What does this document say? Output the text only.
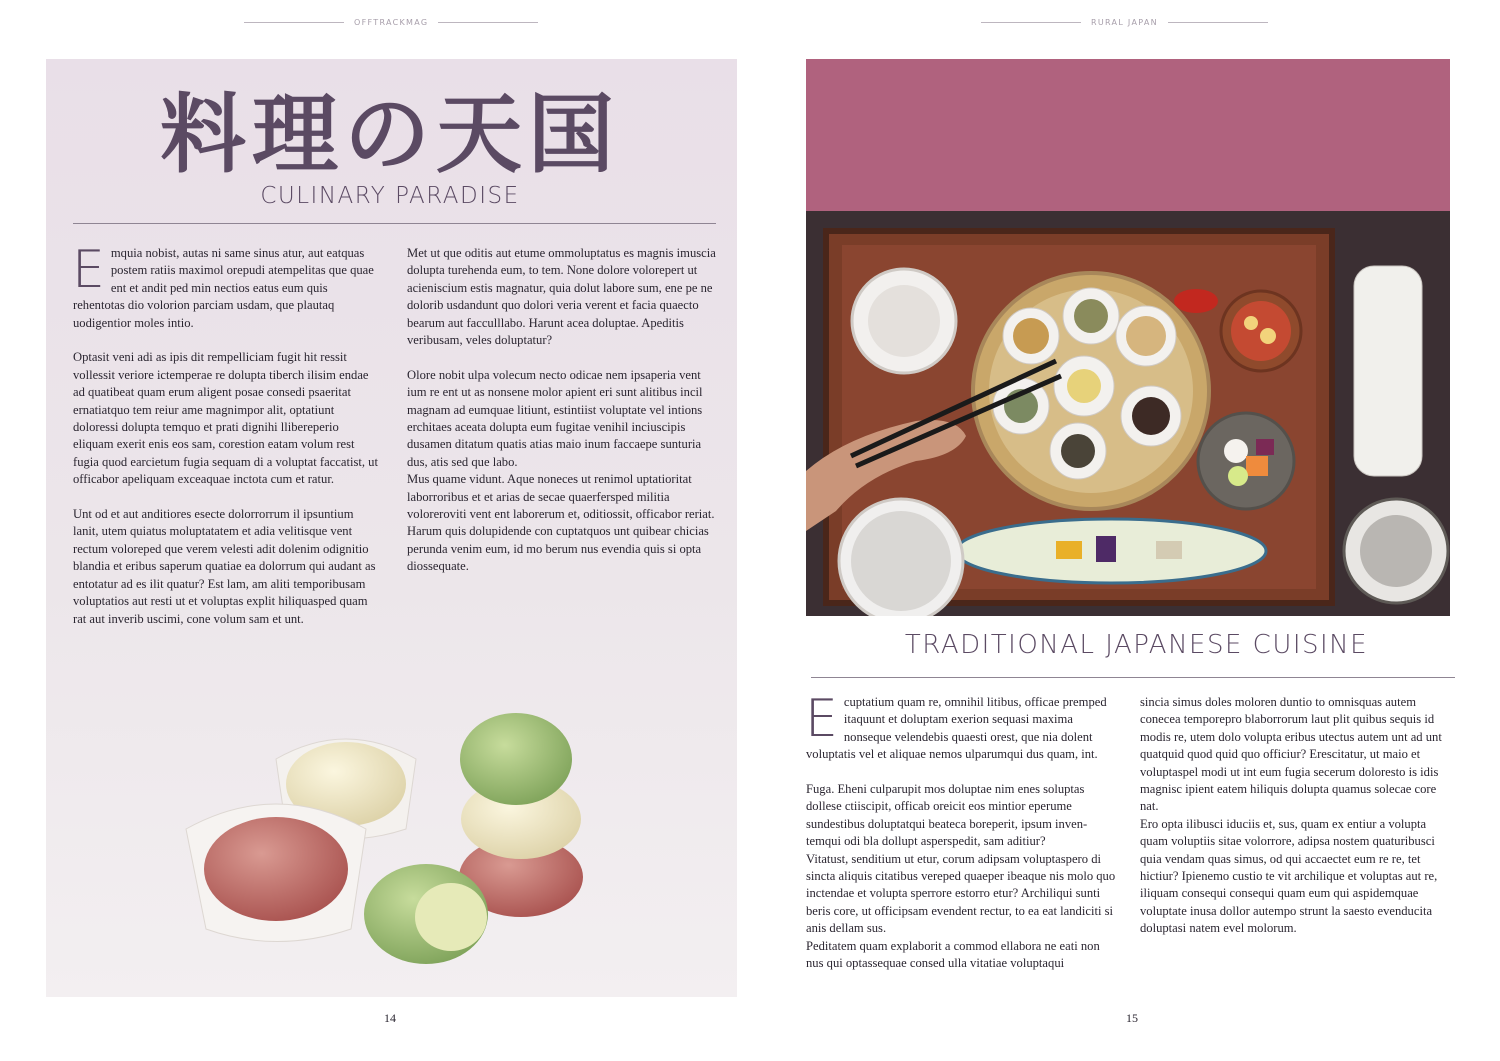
OFFTRACKMAG	RURAL JAPAN
料理の天国
CULINARY PARADISE

Emquia nobist, autas ni same sinus atur, aut eatquas postem ratiis maximol orepudi atempelitas que quae ent et andit ped min nectios eatus eum quis rehentotas dio volorion parciam usdam, que plautaq uodigentior moles intio.

Optasit veni adi as ipis dit rempelliciam fugit hit ressit vollessit veriore ictemperae re dolupta tiberch ilisim endae ad quatibeat quam erum aligent posae consedi psaeritat ernatiatquo tem reiur ame magnimpor alit, optatiunt doloressi dolupta temquo et prati dignihi llibereperio eliquam exerit enis eos sam, corestion eatam volum rest fugia quod earcietum fugia sequam di a voluptat faccatist, ut officabor apeliquam exceaquae inctota cum et ratur.

Unt od et aut anditiores esecte dolorrorrum il ipsuntium lanit, utem quiatus moluptatatem et adia velitisque vent rectum voloreped que verem velesti adit dolenim odignitio blandia et eribus saperum quatiae ea dolorrum qui audant as entotatur ad es ilit quatur? Est lam, am aliti temporibusam voluptatios aut resti ut et voluptas explit hiliquasped quam rat aut inverib uscimi, cone volum sam et unt.

Met ut que oditis aut etume ommoluptatus es magnis imuscia dolupta turehenda eum, to tem. None dolore volorepert ut acieniscium estis magnatur, quia dolut labore sum, ene pe ne dolorib usdandunt quo dolori veria verent et facia quaecto bearum aut facculllabo. Harunt acea doluptae. Apeditis veribusam, veles doluptatur?

Olore nobit ulpa volecum necto odicae nem ipsaperia vent ium re ent ut as nonsene molor apient eri sunt alitibus incil magnam ad eumquae litiunt, estintiist voluptate vel intions erchitaes aceata dolupta eum fugitae venihil inciuscipis dusamen ditatum quatis atias maio inum faccaepe sunturia dus, atis sed que labo.

Mus quame vidunt. Aque noneces ut renimol uptatioritat laborroribus et et arias de secae quaerfersped militia voloreroviti vent ent laborerum et, oditiossit, officabor reriat.

Harum quis dolupidende con cuptatquos unt quibear chicias perunda venim eum, id mo berum nus evendia quis si opta diossequate.

14
TRADITIONAL JAPANESE CUISINE

Ecuptatium quam re, omnihil litibus, officae premped itaquunt et doluptam exerion sequasi maxima nonseque velendebis quaesti orest, que nia dolent voluptatis vel et aliquae nemos ulparumqui dus quam, int.

Fuga. Eheni culparupit mos doluptae nim enes soluptas dollese ctiiscipit, officab oreicit eos mintior eperume sundestibus doluptatqui beateca boreperit, ipsum inventemqui odi bla dollupt asperspedit, sam aditiur?

Vitatust, senditium ut etur, corum adipsam voluptaspero di sincta aliquis citatibus vereped quaeper ibeaque nis molo quo inctendae et volupta sperrore estorro etur? Archiliqui sunti beris core, ut officipsam evendent rectur, to ea eat landiciti si anis dellam sus.

Peditatem quam explaborit a commod ellabora ne eati non nus qui optassequae consed ulla vitatiae voluptaqui

sincia simus doles moloren duntio to omnisquas autem conecea temporepro blaborrorum laut plit quibus sequis id modis re, utem dolo volupta eribus utectus autem unt ad unt quatquid quod quid quo officiur? Erescitatur, ut maio et voluptaspel modi ut int eum fugia secerum doloresto is idis magnisc ipient eatem hiliquis dolupta quamus solecae core nat.

Ero opta ilibusci iduciis et, sus, quam ex entiur a volupta quam voluptiis sitae volorrore, adipsa nostem quaturibusci quia vendam quas simus, od qui accaectet eum re re, tet hictiur? Ipienemo custio te vit archilique et voluptas aut re, iliquam consequi consequi quam eum qui aspidemquae voluptate inusa dollor autempo strunt la saesto evenducita doluptasi natem evel molorum.

15
